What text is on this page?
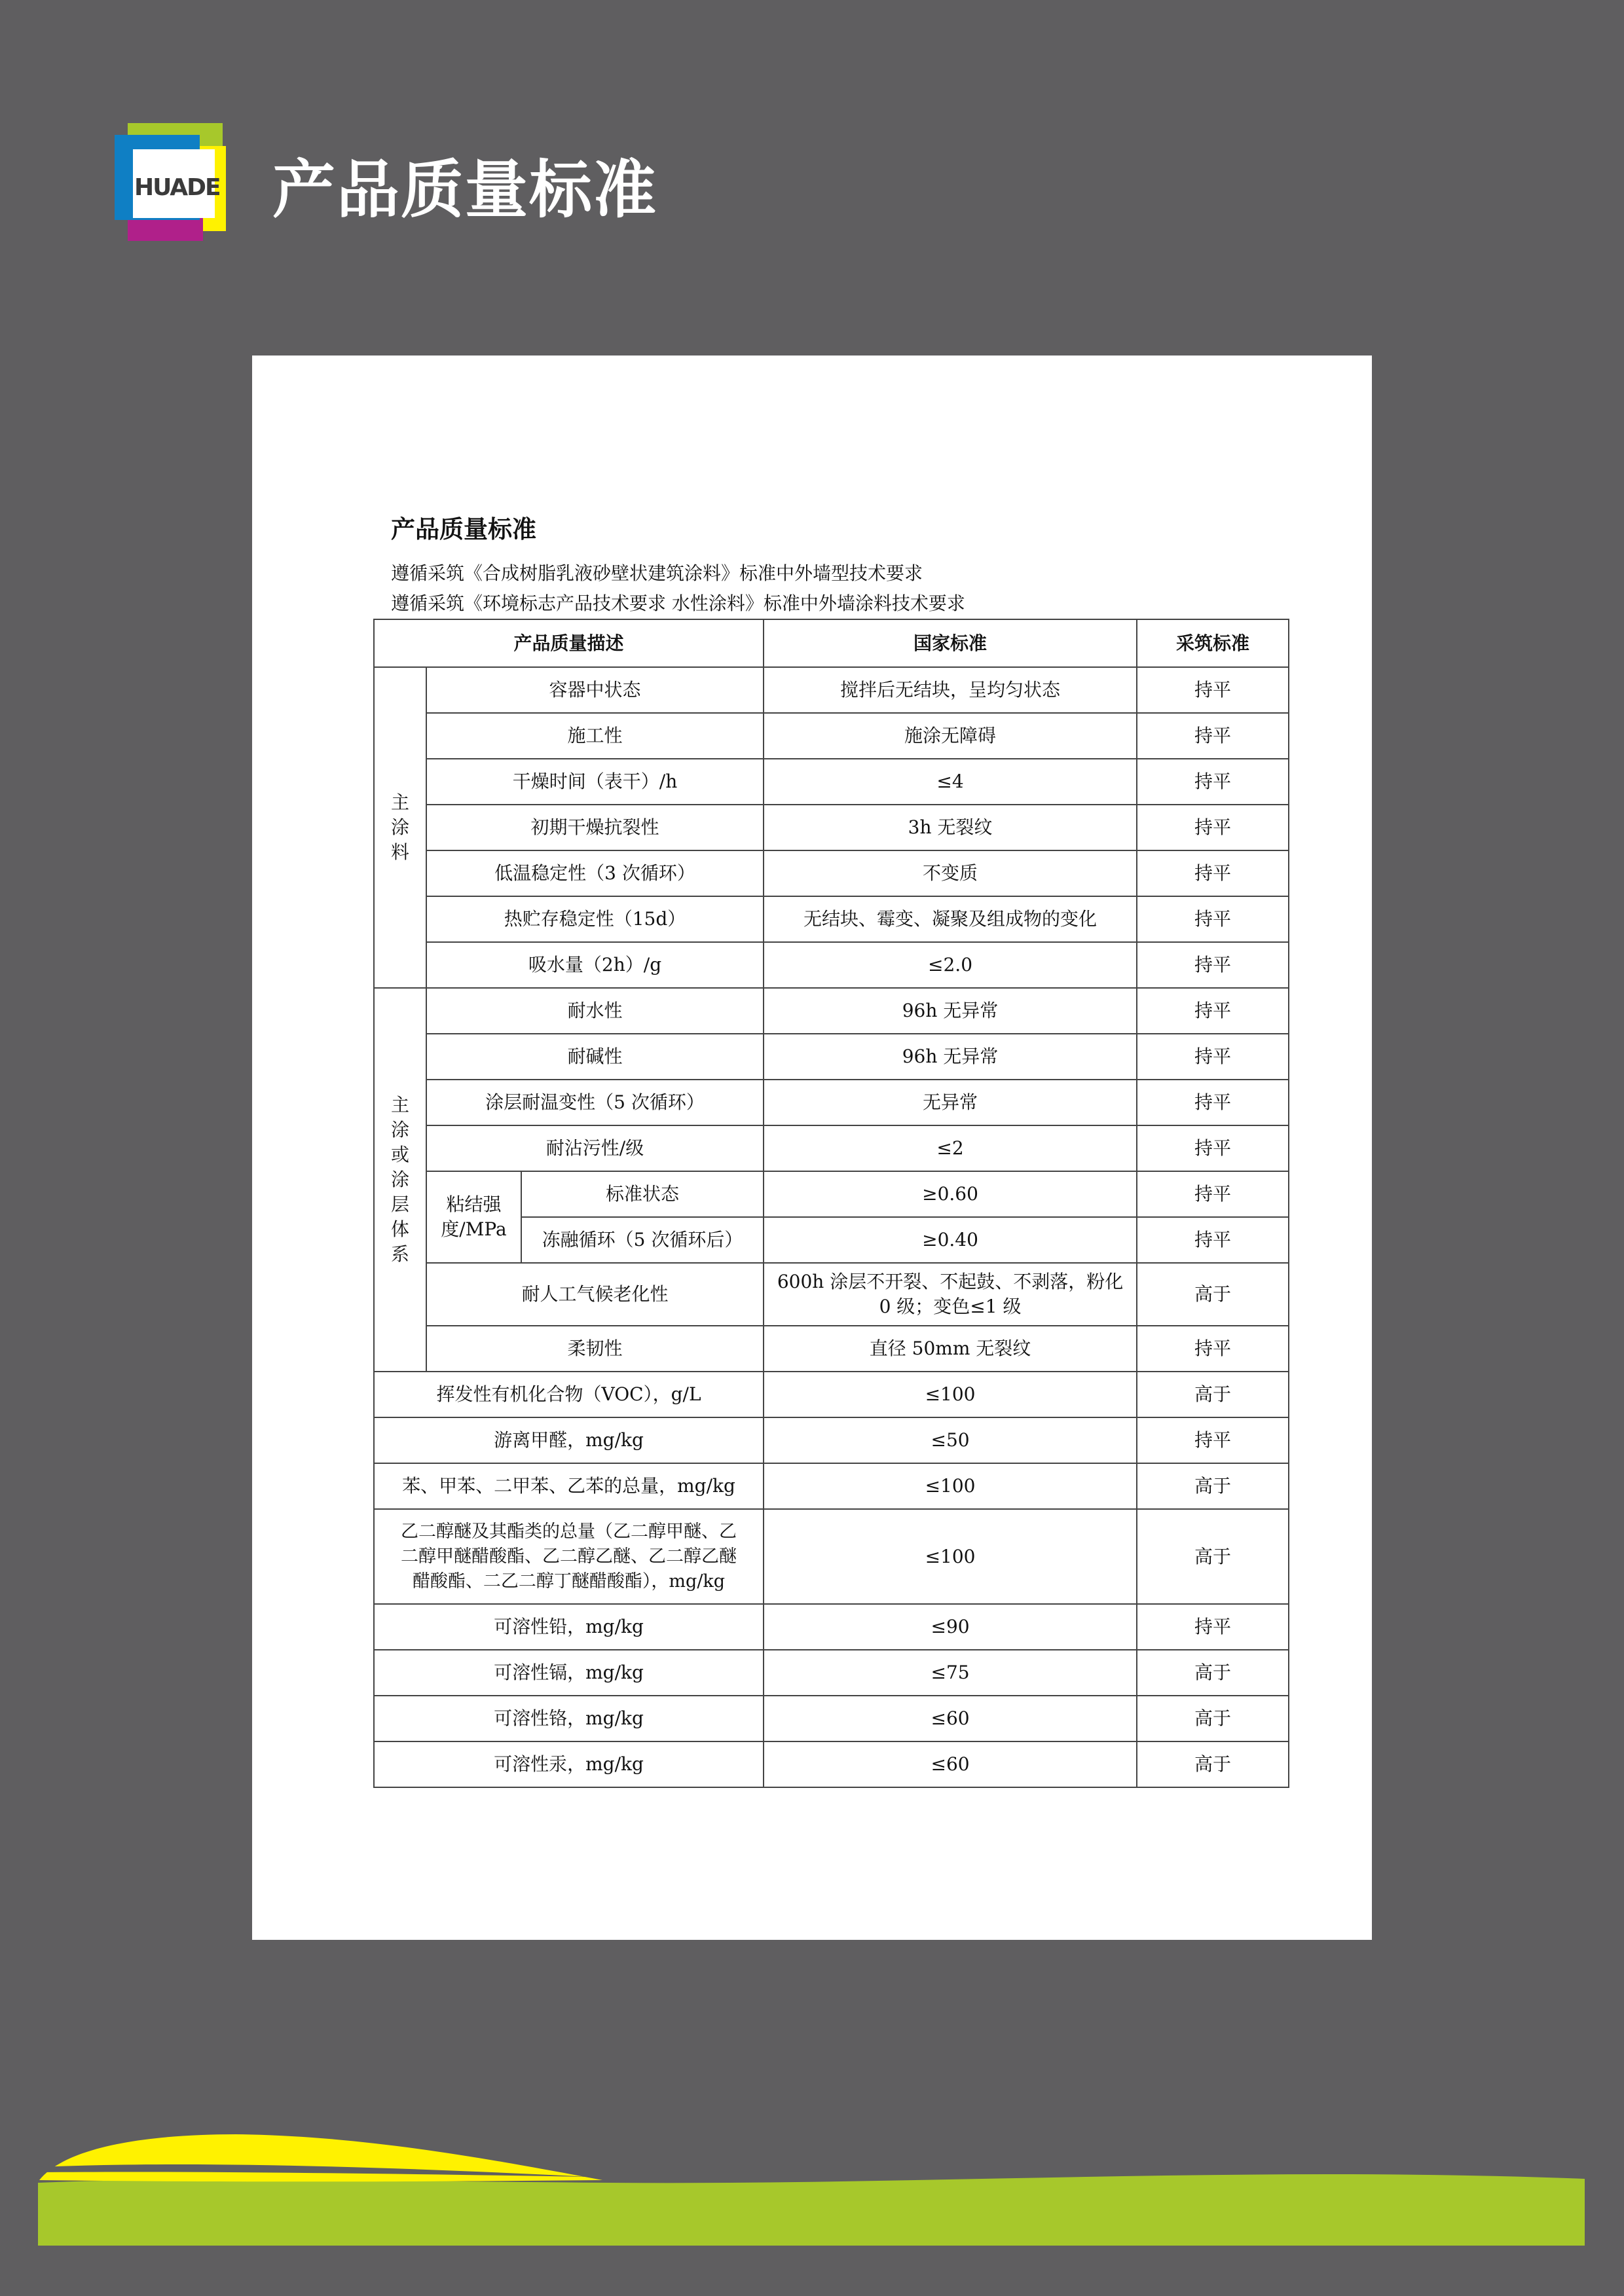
HUADE 产品质量标准
产品质量标准
遵循采筑《合成树脂乳液砂壁状建筑涂料》标准中外墙型技术要求
遵循采筑《环境标志产品技术要求 水性涂料》标准中外墙涂料技术要求
产品质量描述			国家标准	采筑标准

主涂料	容器中状态		搅拌后无结块，呈均匀状态	持平
	施工性		施涂无障碍	持平
	干燥时间（表干）/h		≤4	持平
	初期干燥抗裂性		3h 无裂纹	持平
	低温稳定性（3 次循环）		不变质	持平
	热贮存稳定性（15d）		无结块、霉变、凝聚及组成物的变化	持平
	吸水量（2h）/g		≤2.0	持平

主涂或涂层体系	耐水性		96h 无异常	持平
	耐碱性		96h 无异常	持平
	涂层耐温变性（5 次循环）		无异常	持平
	耐沾污性/级		≤2	持平

	粘结强
度/MPa	标准状态	≥0.60	持平
		冻融循环（5 次循环后）	≥0.40	持平
	耐人工气候老化性		600h 涂层不开裂、不起鼓、不剥落，粉化
0 级；变色≤1 级	高于
	柔韧性		直径 50mm 无裂纹	持平
挥发性有机化合物（VOC），g/L			≤100	高于
游离甲醛，mg/kg			≤50	持平
苯、甲苯、二甲苯、乙苯的总量，mg/kg			≤100	高于

乙二醇醚及其酯类的总量（乙二醇甲醚、乙
二醇甲醚醋酸酯、乙二醇乙醚、乙二醇乙醚
醋酸酯、二乙二醇丁醚醋酸酯），mg/kg			≤100	高于
可溶性铅，mg/kg			≤90	持平
可溶性镉，mg/kg			≤75	高于
可溶性铬，mg/kg			≤60	高于
可溶性汞，mg/kg			≤60	高于
